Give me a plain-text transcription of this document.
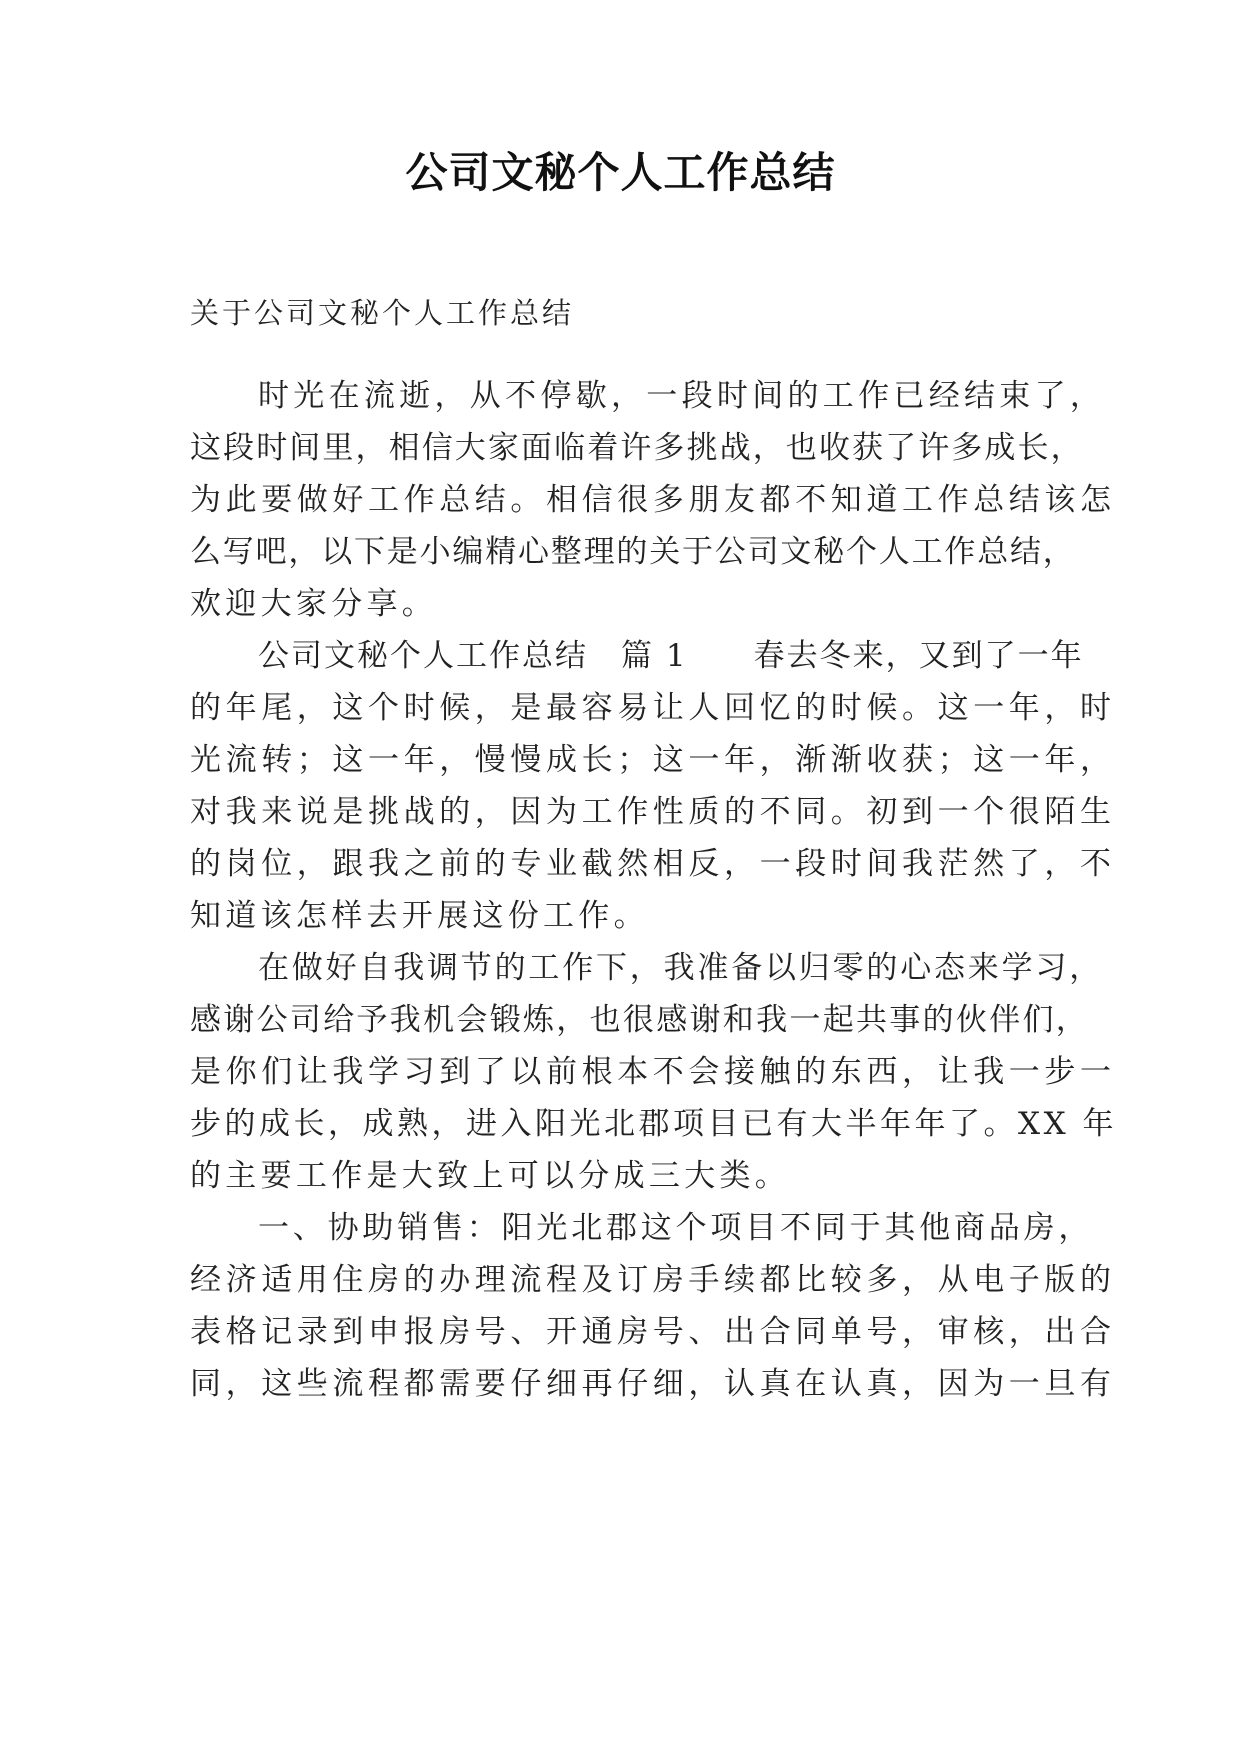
公司文秘个人工作总结
关于公司文秘个人工作总结
时光在流逝，从不停歇，一段时间的工作已经结束了，
这段时间里，相信大家面临着许多挑战，也收获了许多成长，
为此要做好工作总结。相信很多朋友都不知道工作总结该怎
么写吧，以下是小编精心整理的关于公司文秘个人工作总结，
欢迎大家分享。
公司文秘个人工作总结　篇 1　　春去冬来，又到了一年
的年尾，这个时候，是最容易让人回忆的时候。这一年，时
光流转；这一年，慢慢成长；这一年，渐渐收获；这一年，
对我来说是挑战的，因为工作性质的不同。初到一个很陌生
的岗位，跟我之前的专业截然相反，一段时间我茫然了，不
知道该怎样去开展这份工作。
在做好自我调节的工作下，我准备以归零的心态来学习，
感谢公司给予我机会锻炼，也很感谢和我一起共事的伙伴们，
是你们让我学习到了以前根本不会接触的东西，让我一步一
步的成长，成熟，进入阳光北郡项目已有大半年年了。XX 年
的主要工作是大致上可以分成三大类。
一、协助销售：阳光北郡这个项目不同于其他商品房，
经济适用住房的办理流程及订房手续都比较多，从电子版的
表格记录到申报房号、开通房号、出合同单号，审核，出合
同，这些流程都需要仔细再仔细，认真在认真，因为一旦有
